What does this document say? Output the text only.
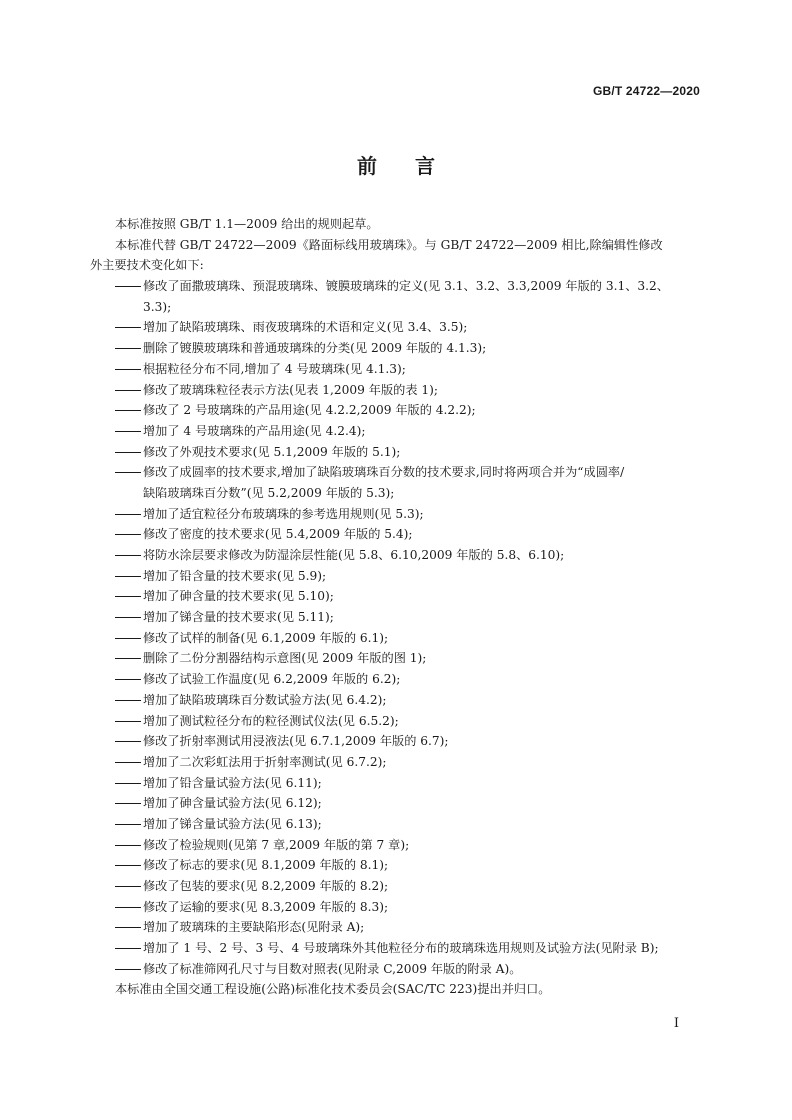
GB/T 24722—2020
前言
本标准按照 GB/T 1.1—2009 给出的规则起草。
本标准代替 GB/T 24722—2009《路面标线用玻璃珠》。与 GB/T 24722—2009 相比,除编辑性修改
外主要技术变化如下:
修改了面撒玻璃珠、预混玻璃珠、镀膜玻璃珠的定义(见 3.1、3.2、3.3,2009 年版的 3.1、3.2、
3.3);
增加了缺陷玻璃珠、雨夜玻璃珠的术语和定义(见 3.4、3.5);
删除了镀膜玻璃珠和普通玻璃珠的分类(见 2009 年版的 4.1.3);
根据粒径分布不同,增加了 4 号玻璃珠(见 4.1.3);
修改了玻璃珠粒径表示方法(见表 1,2009 年版的表 1);
修改了 2 号玻璃珠的产品用途(见 4.2.2,2009 年版的 4.2.2);
增加了 4 号玻璃珠的产品用途(见 4.2.4);
修改了外观技术要求(见 5.1,2009 年版的 5.1);
修改了成圆率的技术要求,增加了缺陷玻璃珠百分数的技术要求,同时将两项合并为“成圆率/
缺陷玻璃珠百分数”(见 5.2,2009 年版的 5.3);
增加了适宜粒径分布玻璃珠的参考选用规则(见 5.3);
修改了密度的技术要求(见 5.4,2009 年版的 5.4);
将防水涂层要求修改为防湿涂层性能(见 5.8、6.10,2009 年版的 5.8、6.10);
增加了铅含量的技术要求(见 5.9);
增加了砷含量的技术要求(见 5.10);
增加了锑含量的技术要求(见 5.11);
修改了试样的制备(见 6.1,2009 年版的 6.1);
删除了二份分割器结构示意图(见 2009 年版的图 1);
修改了试验工作温度(见 6.2,2009 年版的 6.2);
增加了缺陷玻璃珠百分数试验方法(见 6.4.2);
增加了测试粒径分布的粒径测试仪法(见 6.5.2);
修改了折射率测试用浸液法(见 6.7.1,2009 年版的 6.7);
增加了二次彩虹法用于折射率测试(见 6.7.2);
增加了铅含量试验方法(见 6.11);
增加了砷含量试验方法(见 6.12);
增加了锑含量试验方法(见 6.13);
修改了检验规则(见第 7 章,2009 年版的第 7 章);
修改了标志的要求(见 8.1,2009 年版的 8.1);
修改了包装的要求(见 8.2,2009 年版的 8.2);
修改了运输的要求(见 8.3,2009 年版的 8.3);
增加了玻璃珠的主要缺陷形态(见附录 A);
增加了 1 号、2 号、3 号、4 号玻璃珠外其他粒径分布的玻璃珠选用规则及试验方法(见附录 B);
修改了标准筛网孔尺寸与目数对照表(见附录 C,2009 年版的附录 A)。
本标准由全国交通工程设施(公路)标准化技术委员会(SAC/TC 223)提出并归口。
I
